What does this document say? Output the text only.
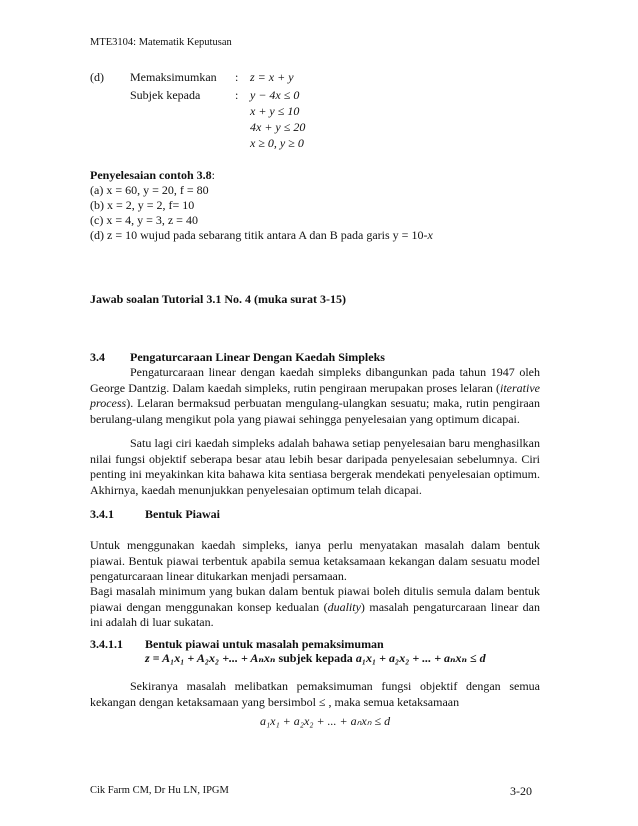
MTE3104: Matematik Keputusan
(d) Memaksimumkan : z = x + y
Subjek kepada	: y − 4x ≤ 0
x + y ≤ 10
4x + y ≤ 20
x ≥ 0, y ≥ 0
Penyelesaian contoh 3.8:
(a) x = 60, y = 20, f = 80
(b) x = 2, y = 2, f= 10
(c) x = 4, y = 3, z = 40
(d) z = 10 wujud pada sebarang titik antara A dan B pada garis y = 10-x
Jawab soalan Tutorial 3.1 No. 4 (muka surat 3-15)
3.4 Pengaturcaraan Linear Dengan Kaedah Simpleks
Pengaturcaraan linear dengan kaedah simpleks dibangunkan pada tahun 1947 oleh George Dantzig. Dalam kaedah simpleks, rutin pengiraan merupakan proses lelaran (iterative process). Lelaran bermaksud perbuatan mengulang-ulangkan sesuatu; maka, rutin pengiraan berulang-ulang mengikut pola yang piawai sehingga penyelesaian yang optimum dicapai.
Satu lagi ciri kaedah simpleks adalah bahawa setiap penyelesaian baru menghasilkan nilai fungsi objektif seberapa besar atau lebih besar daripada penyelesaian sebelumnya. Ciri penting ini meyakinkan kita bahawa kita sentiasa bergerak mendekati penyelesaian optimum. Akhirnya, kaedah menunjukkan penyelesaian optimum telah dicapai.
3.4.1	Bentuk Piawai
Untuk menggunakan kaedah simpleks, ianya perlu menyatakan masalah dalam bentuk piawai. Bentuk piawai terbentuk apabila semua ketaksamaan kekangan dalam sesuatu model pengaturcaraan linear ditukarkan menjadi persamaan.
Bagi masalah minimum yang bukan dalam bentuk piawai boleh ditulis semula dalam bentuk piawai dengan menggunakan konsep kedualan (duality) masalah pengaturcaraan linear dan ini adalah di luar sukatan.
3.4.1.1 Bentuk piawai untuk masalah pemaksimuman
z = A₁x₁ + A₂x₂ +... + Aₙxₙ subjek kepada a₁x₁ + a₂x₂ + ... + aₙxₙ ≤ d
Sekiranya masalah melibatkan pemaksimuman fungsi objektif dengan semua kekangan dengan ketaksamaan yang bersimbol ≤ , maka semua ketaksamaan
a₁x₁ + a₂x₂ + ... + aₙxₙ ≤ d
Cik Farm CM, Dr Hu LN, IPGM	3-20
